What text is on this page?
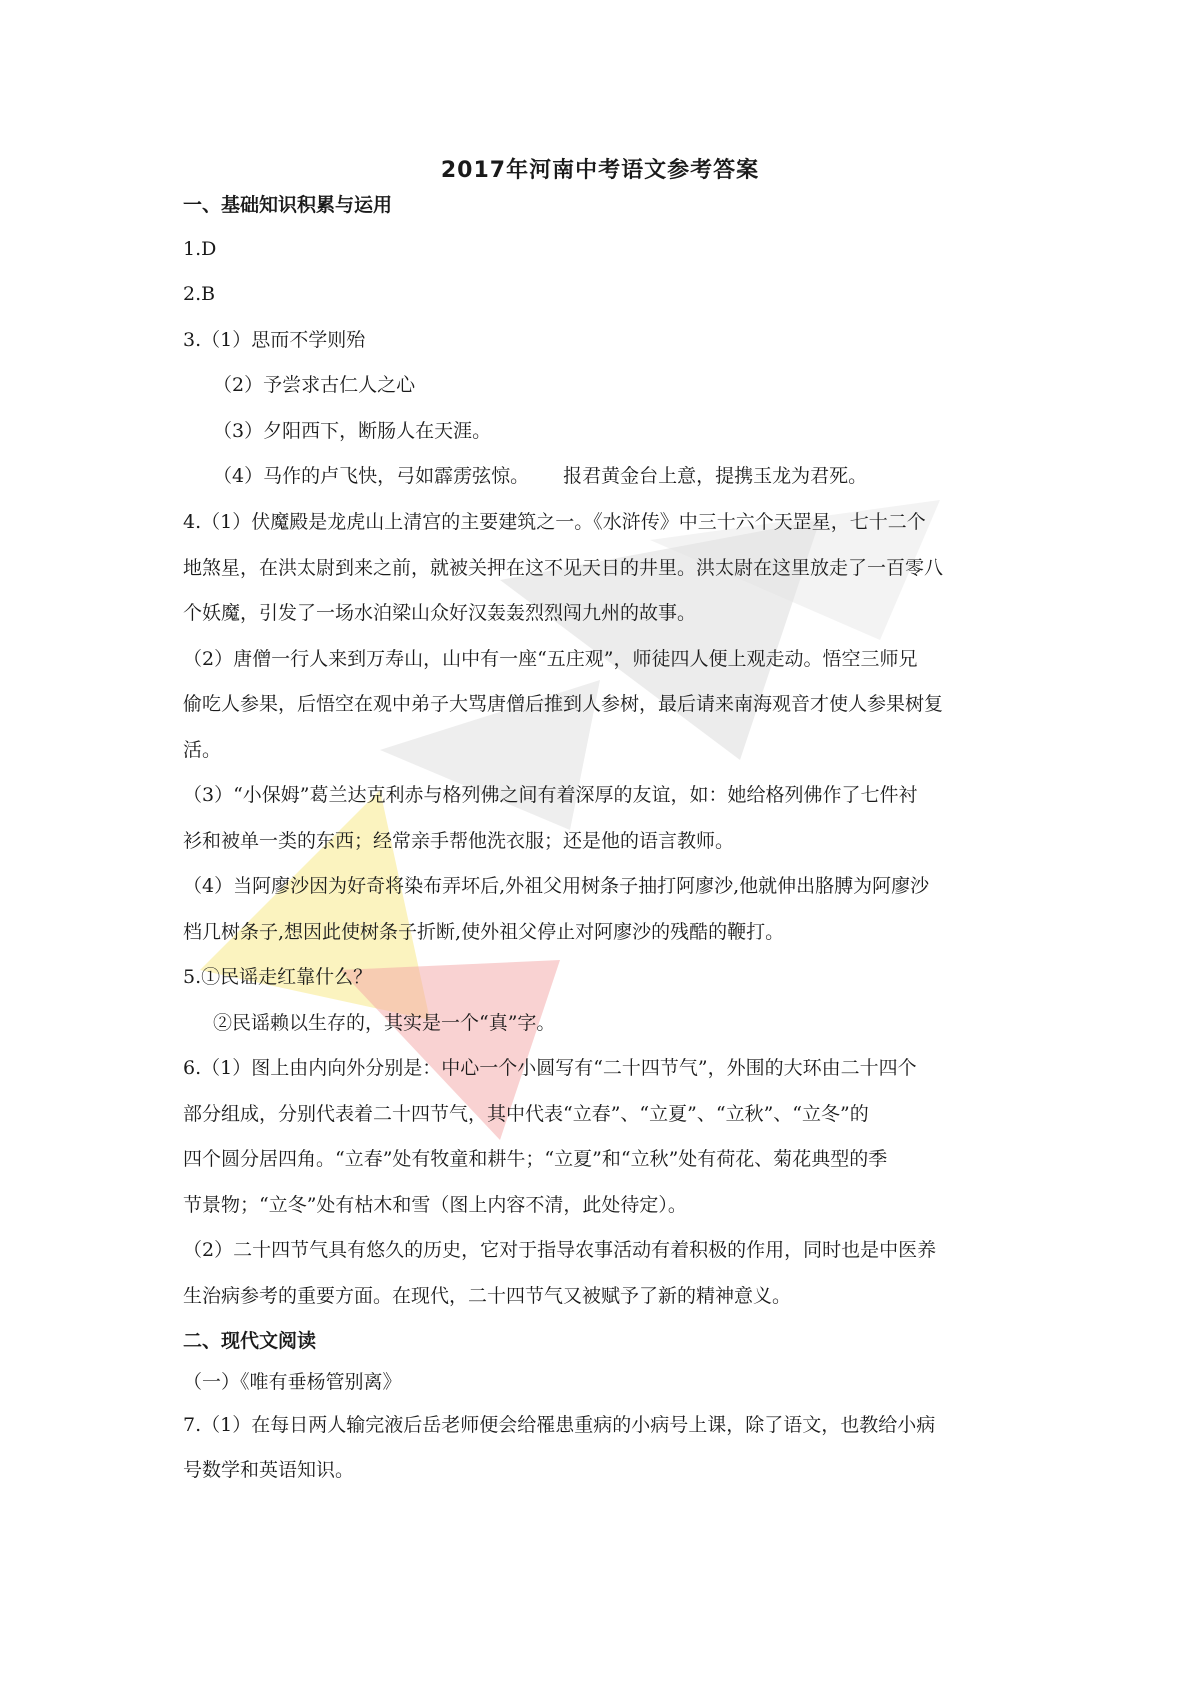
2017年河南中考语文参考答案
一、基础知识积累与运用
1.D
2.B
3.（1）思而不学则殆
（2）予尝求古仁人之心
（3）夕阳西下，断肠人在天涯。
（4）马作的卢飞快，弓如霹雳弦惊。 报君黄金台上意，提携玉龙为君死。
4.（1）伏魔殿是龙虎山上清宫的主要建筑之一。《水浒传》中三十六个天罡星，七十二个
地煞星，在洪太尉到来之前，就被关押在这不见天日的井里。洪太尉在这里放走了一百零八
个妖魔，引发了一场水泊梁山众好汉轰轰烈烈闯九州的故事。
（2）唐僧一行人来到万寿山，山中有一座“五庄观”，师徒四人便上观走动。悟空三师兄
偷吃人参果，后悟空在观中弟子大骂唐僧后推到人参树，最后请来南海观音才使人参果树复
活。
（3）“小保姆”葛兰达克利赤与格列佛之间有着深厚的友谊，如：她给格列佛作了七件衬
衫和被单一类的东西；经常亲手帮他洗衣服；还是他的语言教师。
（4）当阿廖沙因为好奇将染布弄坏后,外祖父用树条子抽打阿廖沙,他就伸出胳膊为阿廖沙
档几树条子,想因此使树条子折断,使外祖父停止对阿廖沙的残酷的鞭打。
5.①民谣走红靠什么？
②民谣赖以生存的，其实是一个“真”字。
6.（1）图上由内向外分别是：中心一个小圆写有“二十四节气”，外围的大环由二十四个
部分组成，分别代表着二十四节气，其中代表“立春”、“立夏”、“立秋”、“立冬”的
四个圆分居四角。“立春”处有牧童和耕牛；“立夏”和“立秋”处有荷花、菊花典型的季
节景物；“立冬”处有枯木和雪（图上内容不清，此处待定）。
（2）二十四节气具有悠久的历史，它对于指导农事活动有着积极的作用，同时也是中医养
生治病参考的重要方面。在现代，二十四节气又被赋予了新的精神意义。
二、现代文阅读
（一）《唯有垂杨管别离》
7.（1）在每日两人输完液后岳老师便会给罹患重病的小病号上课，除了语文，也教给小病
号数学和英语知识。
